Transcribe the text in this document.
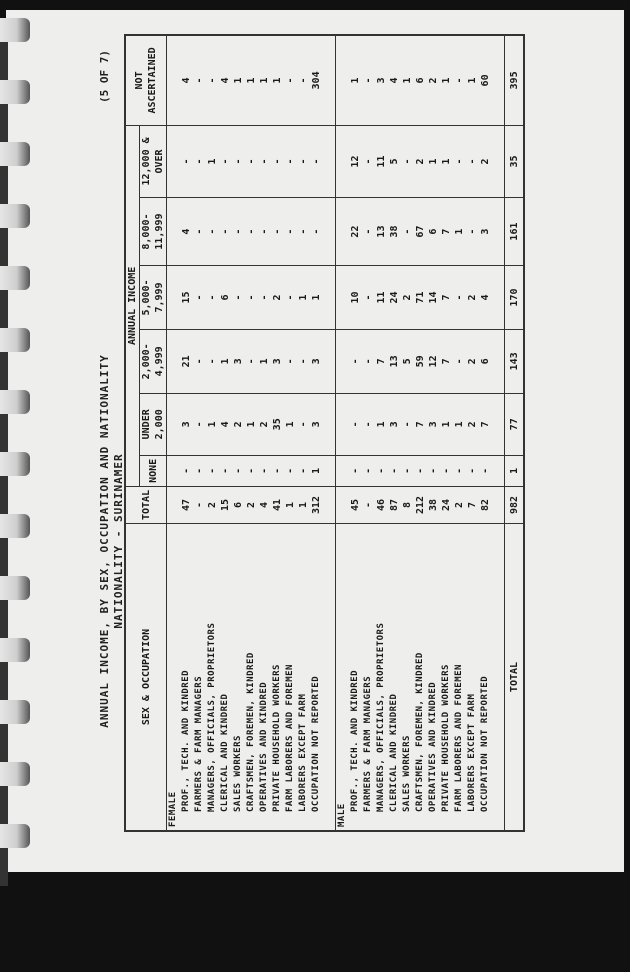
ANNUAL INCOME, BY SEX, OCCUPATION AND NATIONALITY NATIONALITY - SURINAMER
(5 OF 7)
SEX & OCCUPATION	TOTAL	ANNUAL INCOME						NOT ASCERTAINED
		NONE	UNDER 2,000	2,000-4,999	5,000-7,999	8,000-11,999	12,000 & OVER	

FEMALE								
PROF., TECH. AND KINDRED	47	-	3	21	15	4	-	4
FARMERS & FARM MANAGERS	-	-	-	-	-	-	-	-
MANAGERS, OFFICIALS, PROPRIETORS	2	-	1	-	-	-	1	-
CLERICAL AND KINDRED	15	-	4	1	6	-	-	4
SALES WORKERS	6	-	2	3	-	-	-	1
CRAFTSMEN, FOREMEN, KINDRED	2	-	1	-	-	-	-	1
OPERATIVES AND KINDRED	4	-	2	1	-	-	-	1
PRIVATE HOUSEHOLD WORKERS	41	-	35	3	2	-	-	1
FARM LABORERS AND FOREMEN	1	-	1	-	-	-	-	-
LABORERS EXCEPT FARM	1	-	-	-	1	-	-	-
OCCUPATION NOT REPORTED	312	1	3	3	1	-	-	304

MALE								
PROF., TECH. AND KINDRED	45	-	-	-	10	22	12	1
FARMERS & FARM MANAGERS	-	-	-	-	-	-	-	-
MANAGERS, OFFICIALS, PROPRIETORS	46	-	1	7	11	13	11	3
CLERICAL AND KINDRED	87	-	3	13	24	38	5	4
SALES WORKERS	8	-	-	5	2	-	-	1
CRAFTSMEN, FOREMEN, KINDRED	212	-	7	59	71	67	2	6
OPERATIVES AND KINDRED	38	-	3	12	14	6	1	2
PRIVATE HOUSEHOLD WORKERS	24	-	1	7	7	7	1	1
FARM LABORERS AND FOREMEN	2	-	1	-	-	1	-	-
LABORERS EXCEPT FARM	7	-	2	2	2	-	-	1
OCCUPATION NOT REPORTED	82	-	7	6	4	3	2	60

TOTAL	982	1	77	143	170	161	35	395
